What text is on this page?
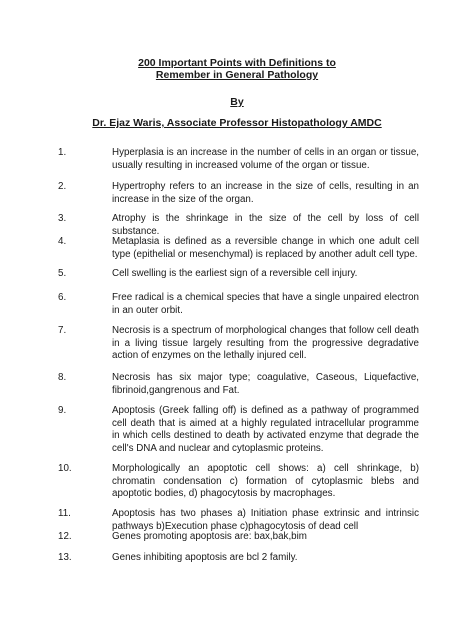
200 Important Points with Definitions to
Remember in General Pathology
By
Dr. Ejaz Waris, Associate Professor Histopathology AMDC
1.	Hyperplasia is an increase in the number of cells in an organ or tissue, usually resulting in increased volume of the organ or tissue.
2.	Hypertrophy refers to an increase in the size of cells, resulting in an increase in the size of the organ.
3.	Atrophy is the shrinkage in the size of the cell by loss of cell substance.
4.	Metaplasia is defined as a reversible change in which one adult cell type (epithelial or mesenchymal) is replaced by another adult cell type.
5.	Cell swelling is the earliest sign of a reversible cell injury.
6.	Free radical is a chemical species that have a single unpaired electron in an outer orbit.
7.	Necrosis is a spectrum of morphological changes that follow cell death in a living tissue largely resulting from the progressive degradative action of enzymes on the lethally injured cell.
8.	Necrosis has six major type; coagulative, Caseous, Liquefactive, fibrinoid,gangrenous and Fat.
9.	Apoptosis (Greek falling off) is defined as a pathway of programmed cell death that is aimed at a highly regulated intracellular programme in which cells destined to death by activated enzyme that degrade the cell's DNA and nuclear and cytoplasmic proteins.
10.	Morphologically an apoptotic cell shows: a) cell shrinkage, b) chromatin condensation c) formation of cytoplasmic blebs and apoptotic bodies, d) phagocytosis by macrophages.
11.	Apoptosis has two phases a) Initiation phase extrinsic and intrinsic pathways b)Execution phase c)phagocytosis of dead cell
12.	Genes promoting apoptosis are: bax,bak,bim
13.	Genes inhibiting apoptosis are bcl 2 family.
